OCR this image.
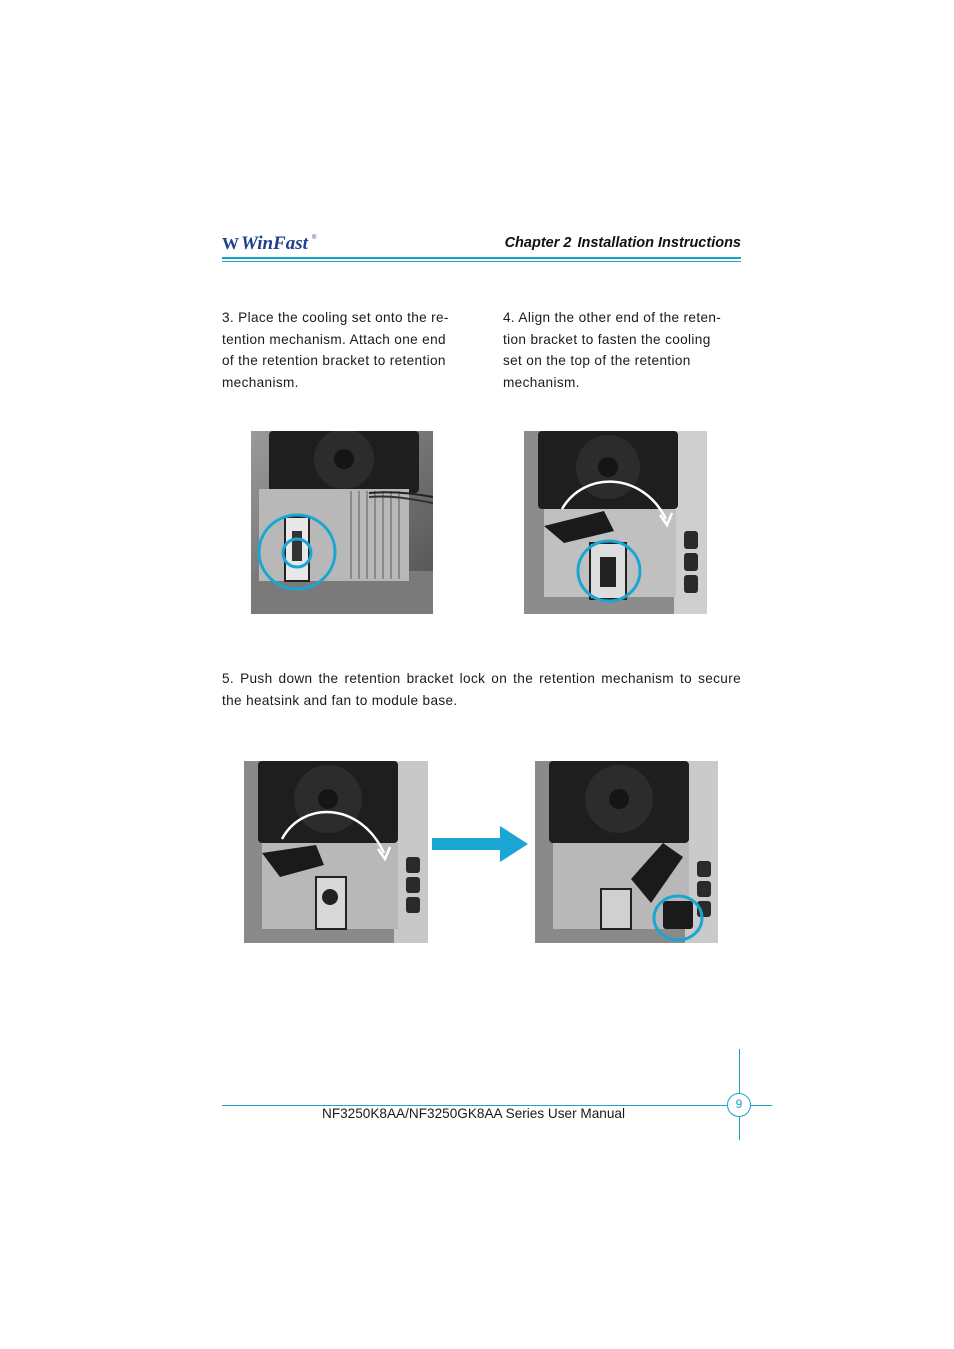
W WinFast ®	Chapter 2 Installation Instructions

3. Place the cooling set onto the re-

tention mechanism. Attach one end

of the retention bracket to retention

mechanism.

4. Align the other end of the reten-

tion bracket to fasten the cooling

set on the top of the retention

mechanism.

5. Push down the retention bracket lock on the retention mechanism to secure

the heatsink and fan to module base.

9
NF3250K8AA/NF3250GK8AA Series User Manual
